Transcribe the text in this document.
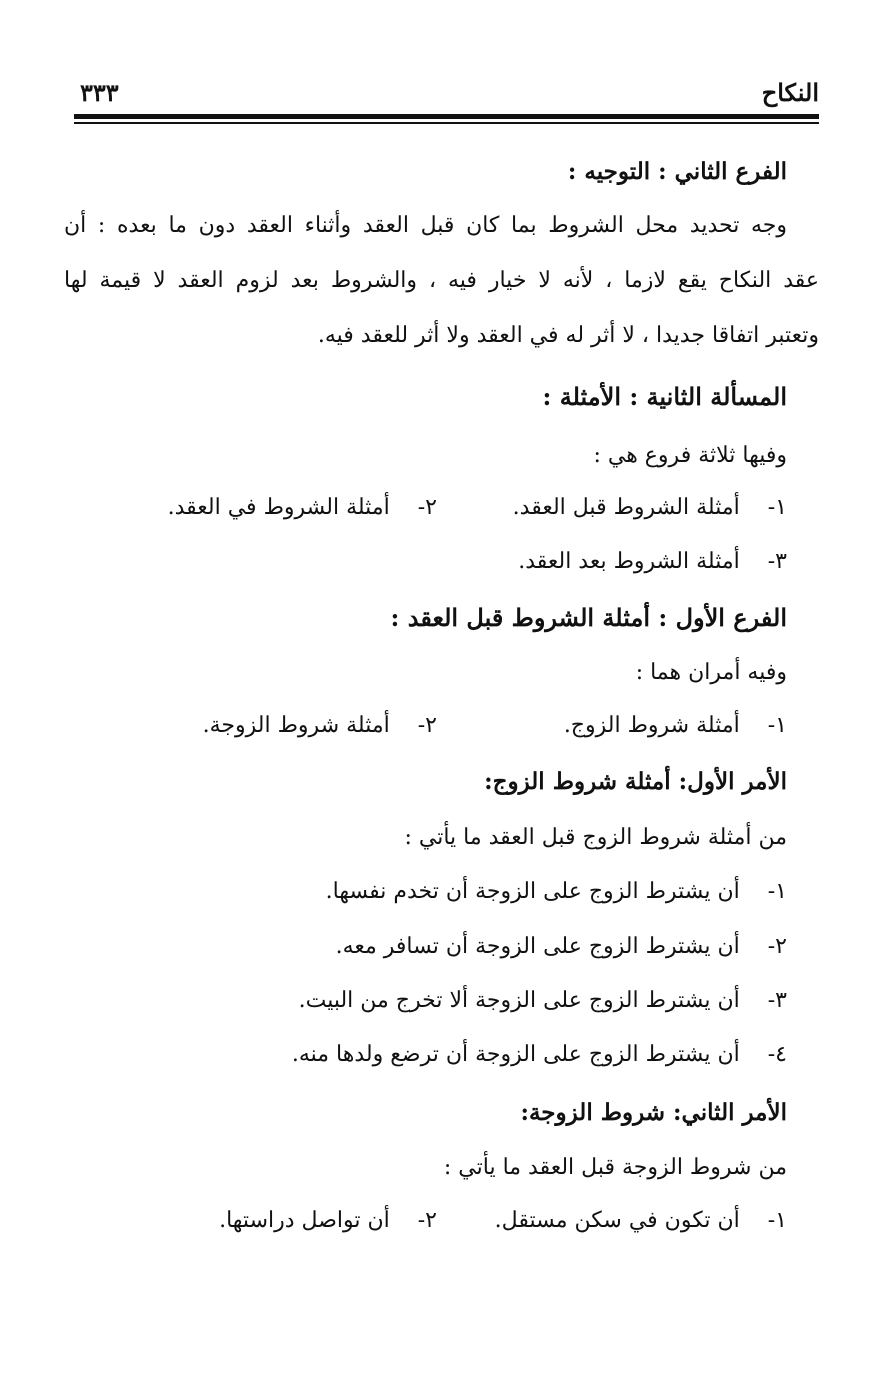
النكاح
٣٣٣
الفرع الثاني : التوجيه :
وجه تحديد محل الشروط بما كان قبل العقد وأثناء العقد دون ما بعده : أن
عقد النكاح يقع لازما ، لأنه لا خيار فيه ، والشروط بعد لزوم العقد لا قيمة لها
وتعتبر اتفاقا جديدا ، لا أثر له في العقد ولا أثر للعقد فيه.
المسألة الثانية : الأمثلة :
وفيها ثلاثة فروع هي :
١-  أمثلة الشروط قبل العقد.
٢-  أمثلة الشروط في العقد.
٣-  أمثلة الشروط بعد العقد.
الفرع الأول : أمثلة الشروط قبل العقد :
وفيه أمران هما :
١-  أمثلة شروط الزوج.
٢-  أمثلة شروط الزوجة.
الأمر الأول: أمثلة شروط الزوج:
من أمثلة شروط الزوج قبل العقد ما يأتي :
١-  أن يشترط الزوج على الزوجة أن تخدم نفسها.
٢-  أن يشترط الزوج على الزوجة أن تسافر معه.
٣-  أن يشترط الزوج على الزوجة ألا تخرج من البيت.
٤-  أن يشترط الزوج على الزوجة أن ترضع ولدها منه.
الأمر الثاني: شروط الزوجة:
من شروط الزوجة قبل العقد ما يأتي :
١-  أن تكون في سكن مستقل.
٢-  أن تواصل دراستها.
